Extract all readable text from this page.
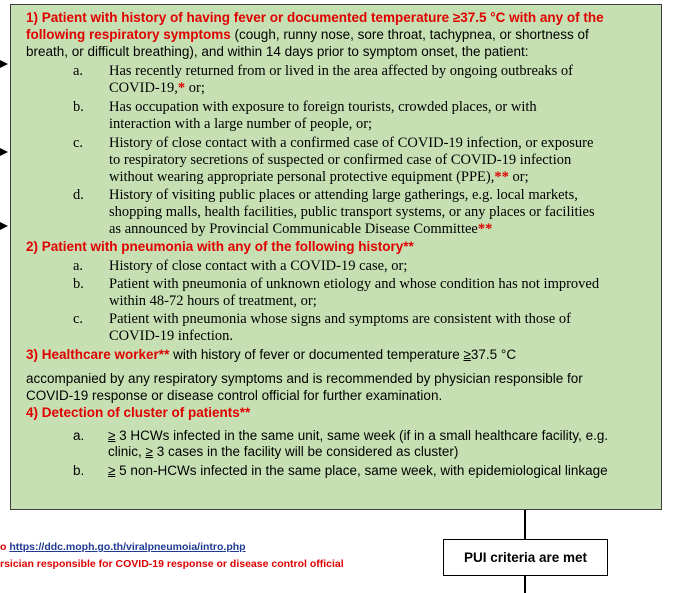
1) Patient with history of having fever or documented temperature ≥37.5 °C with any of the
following respiratory symptoms (cough, runny nose, sore throat, tachypnea, or shortness of
breath, or difficult breathing), and within 14 days prior to symptom onset, the patient:
a. Has recently returned from or lived in the area affected by ongoing outbreaks of
COVID-19,* or;
b. Has occupation with exposure to foreign tourists, crowded places, or with
interaction with a large number of people, or;
c. History of close contact with a confirmed case of COVID-19 infection, or exposure
to respiratory secretions of suspected or confirmed case of COVID-19 infection
without wearing appropriate personal protective equipment (PPE),** or;
d. History of visiting public places or attending large gatherings, e.g. local markets,
shopping malls, health facilities, public transport systems, or any places or facilities
as announced by Provincial Communicable Disease Committee**
2) Patient with pneumonia with any of the following history**
a. History of close contact with a COVID-19 case, or;
b. Patient with pneumonia of unknown etiology and whose condition has not improved
within 48-72 hours of treatment, or;
c. Patient with pneumonia whose signs and symptoms are consistent with those of
COVID-19 infection.
3) Healthcare worker** with history of fever or documented temperature ≥37.5 °C
accompanied by any respiratory symptoms and is recommended by physician responsible for
COVID-19 response or disease control official for further examination.
4) Detection of cluster of patients**
a. ≥ 3 HCWs infected in the same unit, same week (if in a small healthcare facility, e.g.
clinic, ≥ 3 cases in the facility will be considered as cluster)
b. ≥ 5 non-HCWs infected in the same place, same week, with epidemiological linkage
o https://ddc.moph.go.th/viralpneumoia/intro.php
rsician responsible for COVID-19 response or disease control official	PUI criteria are met
